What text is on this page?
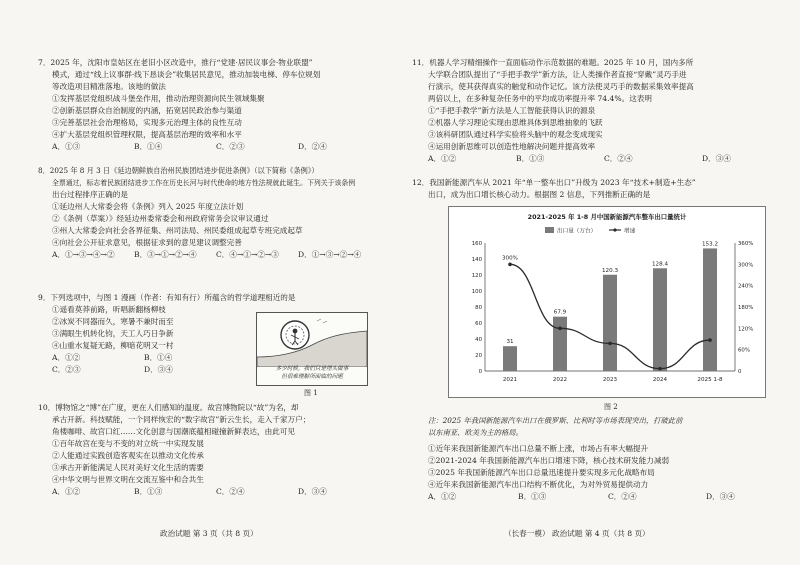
7．2025 年，沈阳市皇姑区在老旧小区改造中，推行“党建·居民议事会·物业联盟”

模式，通过“线上议事群·线下恳谈会”收集居民意见，推动加装电梯、停车位规划

等改造项目精准落地。该地的做法

①发挥基层党组织战斗堡垒作用，推动治理资源向民生领域集聚

②创新基层群众自治制度的内涵，拓宽居民政治参与渠道

③完善基层社会治理格局，实现多元治理主体的良性互动

④扩大基层党组织管理权限，提高基层治理的效率和水平

A．①③	B．①④	C．②③	D．②④

8．2025 年 8 月 3 日《延边朝鲜族自治州民族团结进步促进条例》（以下简称《条例》）

全票通过，标志着民族团结进步工作在历史长河与时代使命的地方性法规就此诞生。下列关于该条例

出台过程排序正确的是

①延边州人大常委会将《条例》列入 2025 年度立法计划

②《条例（草案）》经延边州委常委会和州政府常务会议审议通过

③州人大常委会向社会各界征集、州司法局、州民委组成起草专班完成起草

④向社会公开征求意见，根据征求到的意见建议调整完善

A．①→③→④→②	B．③→①→②→④	C．④→①→②→③	D．①→③→②→④

9．下列选项中，与图 1 漫画（作者：有知有行）所蕴含的哲学道理相近的是

①遥看莫莽前路，听唱新翻杨柳枝

②冰炭不同器而久，寒暑不兼时而至

③满眼生机转化钧，天工人巧日争新

④山重水复疑无路，柳暗花明又一村

A．①②	B．①④
C．②③	D．③④	多少时候，我们只是埋头做事
但很难理解所面临的问题
图 1

10．博物馆之“博”在广度，更在人们感知的温度。故宫博物院以“故”为名，却

承古开新。科技赋能，一个同样恢宏的“数字故宫”新云生长，走入千家万户；

角楼咖啡、故宫口红……文化创意与国潮底蕴相碰撞新鲜表达，由此可见

①百年故宫在变与不变的对立统一中实现发展

②人能通过实践创造客观实在以推动文化传承

③承古开新能满足人民对美好文化生活的需要

④中华文明与世界文明在交流互鉴中和合共生

A．①②	B．①③	C．②④	D．③④
政治试题 第 3 页（共 8 页）

11．机器人学习精细操作一直面临动作示范数据的难题。2025 年 10 月，国内多所

大学联合团队提出了“手把手教学”新方法，让人类操作者直接“穿戴”灵巧手进

行演示，使其获得真实的触觉和动作记忆。该方法使灵巧手的数据采集效率提高

两倍以上，在多种复杂任务中的平均成功率提升率 74.4%。这表明

①“手把手教学”新方法是人工智能获得认识的源泉

②机器人学习理论实现由思维具体到思维抽象的飞跃

③该科研团队通过科学实验将头脑中的观念变成现实

④运用创新思维可以创造性地解决问题并提高效率

A．①②	B．①③	C．②④	D．③④

12．我国新能源汽车从 2021 年“单一整车出口”升级为 2023 年“技术+制造+生态”

出口，成为出口增长核心动力。根据图 2 信息，下列推断正确的是

2021-2025 年 1-8 月中国新能源汽车整车出口量统计
出口量（万台）	增速
0
20
40
60
80
100
120
140
160
0
60%
120%
180%
240%
300%
360%
2021	2022	2023	2024	2025 1-8
31
67.9
120.3
128.4
153.2
300%
图 2
注：2025 年我国新能源汽车出口在俄罗斯、比利时等市场表现突出，打破此前
以东南亚、欧美为主的格局。

①近年来我国新能源汽车出口总量不断上涨，市场占有率大幅提升

②2021-2024 年我国新能源汽车出口增速下降，核心技术研发能力减弱

③2025 年我国新能源汽车出口总量迅速提升要实现多元化战略布局

④近年来我国新能源汽车出口结构不断优化，为对外贸易提供动力

A．①②	B．①③	C．②④	D．③④
（长春一模） 政治试题 第 4 页（共 8 页）
